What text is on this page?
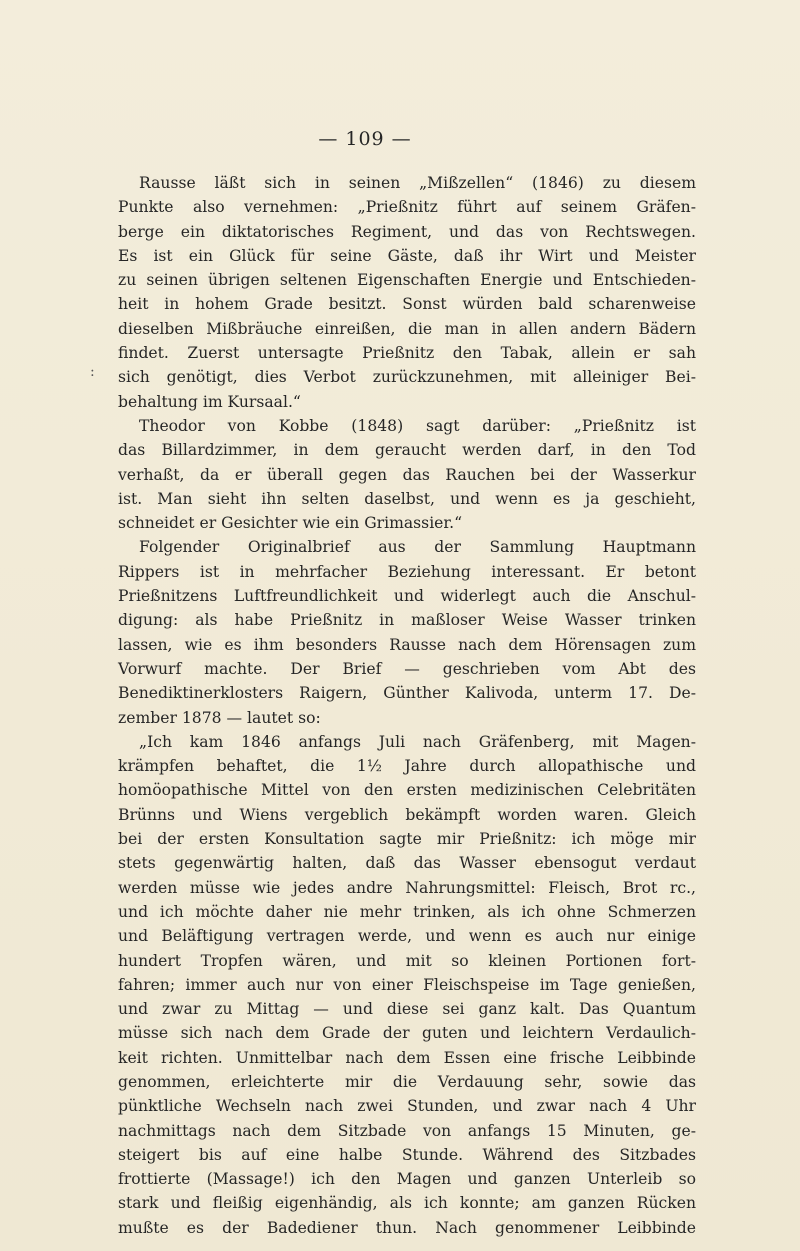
— 109 —
:
Rausse läßt sich in seinen „Mißzellen“ (1846) zu diesem
Punkte also vernehmen: „Prießnitz führt auf seinem Gräfen-
berge ein diktatorisches Regiment, und das von Rechtswegen.
Es ist ein Glück für seine Gäste, daß ihr Wirt und Meister
zu seinen übrigen seltenen Eigenschaften Energie und Entschieden-
heit in hohem Grade besitzt. Sonst würden bald scharenweise
dieselben Mißbräuche einreißen, die man in allen andern Bädern
findet. Zuerst untersagte Prießnitz den Tabak, allein er sah
sich genötigt, dies Verbot zurückzunehmen, mit alleiniger Bei-
behaltung im Kursaal.“
Theodor von Kobbe (1848) sagt darüber: „Prießnitz ist
das Billardzimmer, in dem geraucht werden darf, in den Tod
verhaßt, da er überall gegen das Rauchen bei der Wasserkur
ist. Man sieht ihn selten daselbst, und wenn es ja geschieht,
schneidet er Gesichter wie ein Grimassier.“
Folgender Originalbrief aus der Sammlung Hauptmann
Rippers ist in mehrfacher Beziehung interessant. Er betont
Prießnitzens Luftfreundlichkeit und widerlegt auch die Anschul-
digung: als habe Prießnitz in maßloser Weise Wasser trinken
lassen, wie es ihm besonders Rausse nach dem Hörensagen zum
Vorwurf machte. Der Brief — geschrieben vom Abt des
Benediktinerklosters Raigern, Günther Kalivoda, unterm 17. De-
zember 1878 — lautet so:
„Ich kam 1846 anfangs Juli nach Gräfenberg, mit Magen-
krämpfen behaftet, die 1½ Jahre durch allopathische und
homöopathische Mittel von den ersten medizinischen Celebritäten
Brünns und Wiens vergeblich bekämpft worden waren. Gleich
bei der ersten Konsultation sagte mir Prießnitz: ich möge mir
stets gegenwärtig halten, daß das Wasser ebensogut verdaut
werden müsse wie jedes andre Nahrungsmittel: Fleisch, Brot rc.,
und ich möchte daher nie mehr trinken, als ich ohne Schmerzen
und Beläftigung vertragen werde, und wenn es auch nur einige
hundert Tropfen wären, und mit so kleinen Portionen fort-
fahren; immer auch nur von einer Fleischspeise im Tage genießen,
und zwar zu Mittag — und diese sei ganz kalt. Das Quantum
müsse sich nach dem Grade der guten und leichtern Verdaulich-
keit richten. Unmittelbar nach dem Essen eine frische Leibbinde
genommen, erleichterte mir die Verdauung sehr, sowie das
pünktliche Wechseln nach zwei Stunden, und zwar nach 4 Uhr
nachmittags nach dem Sitzbade von anfangs 15 Minuten, ge-
steigert bis auf eine halbe Stunde. Während des Sitzbades
frottierte (Massage!) ich den Magen und ganzen Unterleib so
stark und fleißig eigenhändig, als ich konnte; am ganzen Rücken
mußte es der Badediener thun. Nach genommener Leibbinde
